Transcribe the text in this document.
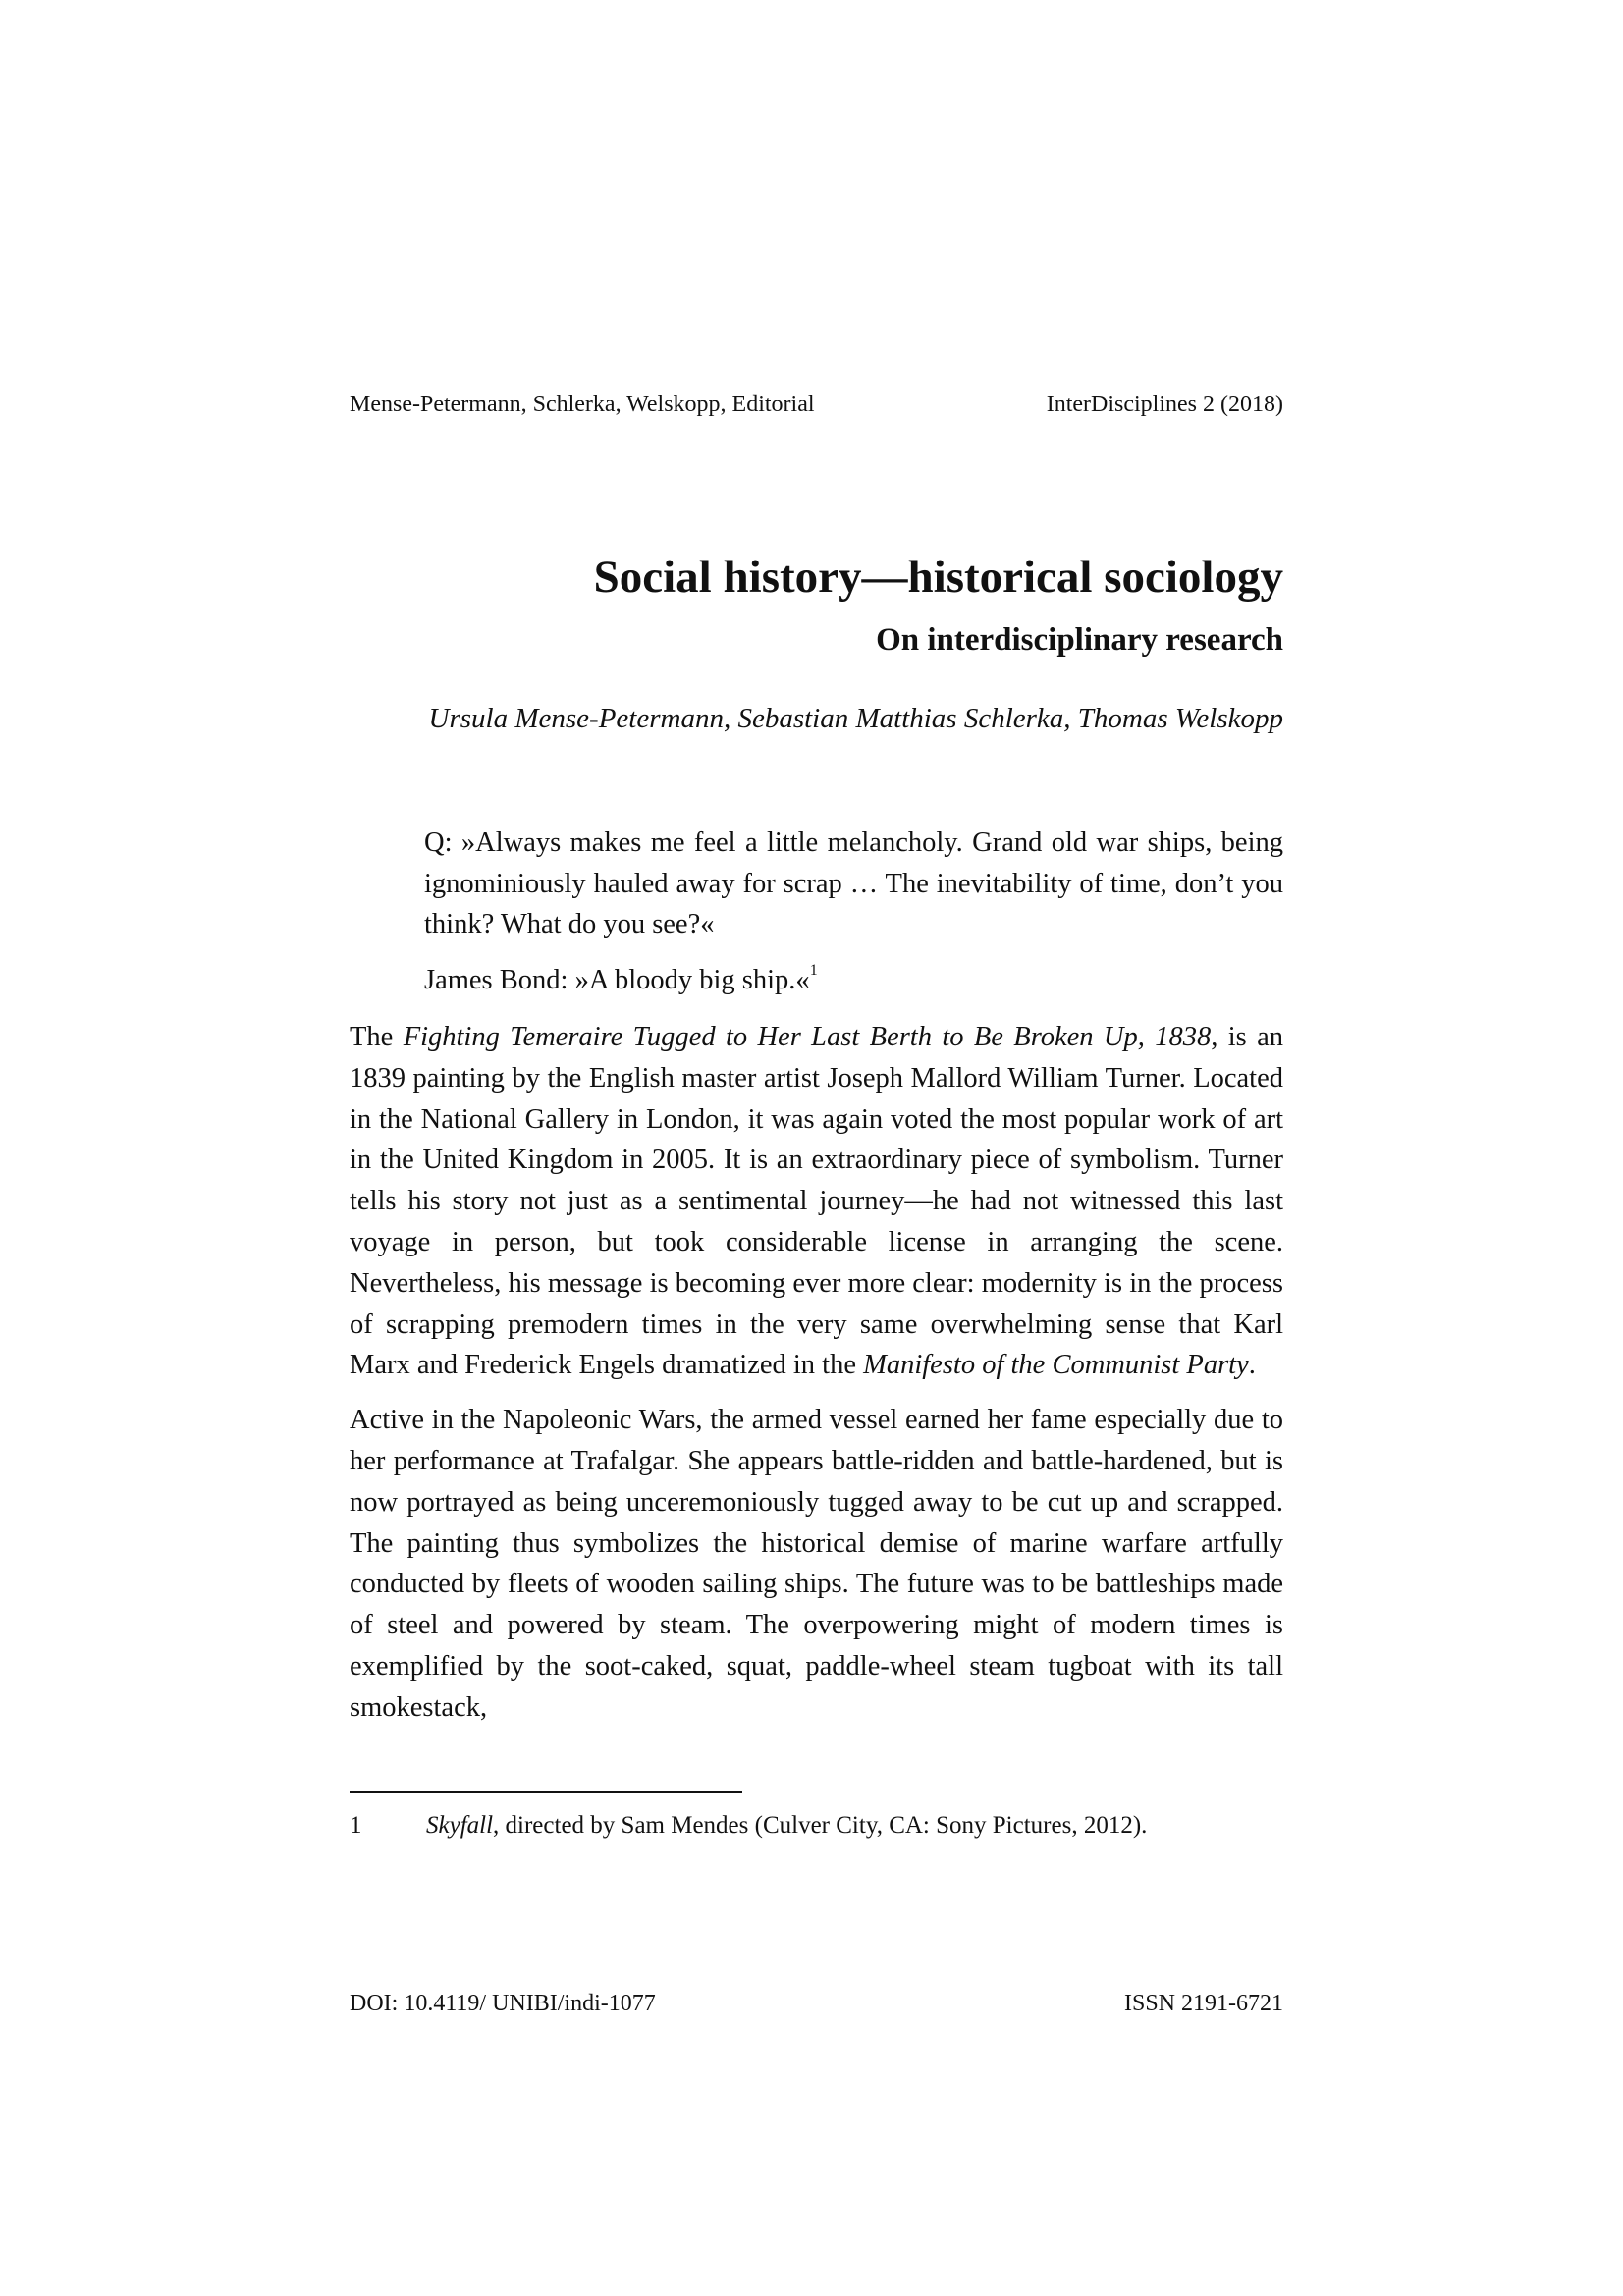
Mense-Petermann, Schlerka, Welskopp, Editorial	InterDisciplines 2 (2018)
Social history—historical sociology
On interdisciplinary research
Ursula Mense-Petermann, Sebastian Matthias Schlerka, Thomas Welskopp
Q: »Always makes me feel a little melancholy. Grand old war ships, being ignominiously hauled away for scrap … The inevitability of time, don’t you think? What do you see?«
James Bond: »A bloody big ship.«$^1$

The Fighting Temeraire Tugged to Her Last Berth to Be Broken Up, 1838, is an 1839 painting by the English master artist Joseph Mallord William Turner. Located in the National Gallery in London, it was again voted the most popular work of art in the United Kingdom in 2005. It is an extraordinary piece of symbolism. Turner tells his story not just as a sentimental journey—he had not witnessed this last voyage in person, but took considerable license in arranging the scene. Nevertheless, his message is becoming ever more clear: modernity is in the process of scrapping premodern times in the very same overwhelming sense that Karl Marx and Frederick Engels dramatized in the Manifesto of the Communist Party.

Active in the Napoleonic Wars, the armed vessel earned her fame especially due to her performance at Trafalgar. She appears battle-ridden and battle-hardened, but is now portrayed as being unceremoniously tugged away to be cut up and scrapped. The painting thus symbolizes the historical demise of marine warfare artfully conducted by fleets of wooden sailing ships. The future was to be battleships made of steel and powered by steam. The overpowering might of modern times is exemplified by the soot-caked, squat, paddle-wheel steam tugboat with its tall smokestack,

1	Skyfall, directed by Sam Mendes (Culver City, CA: Sony Pictures, 2012).
DOI: 10.4119/ UNIBI/indi-1077	ISSN 2191-6721
